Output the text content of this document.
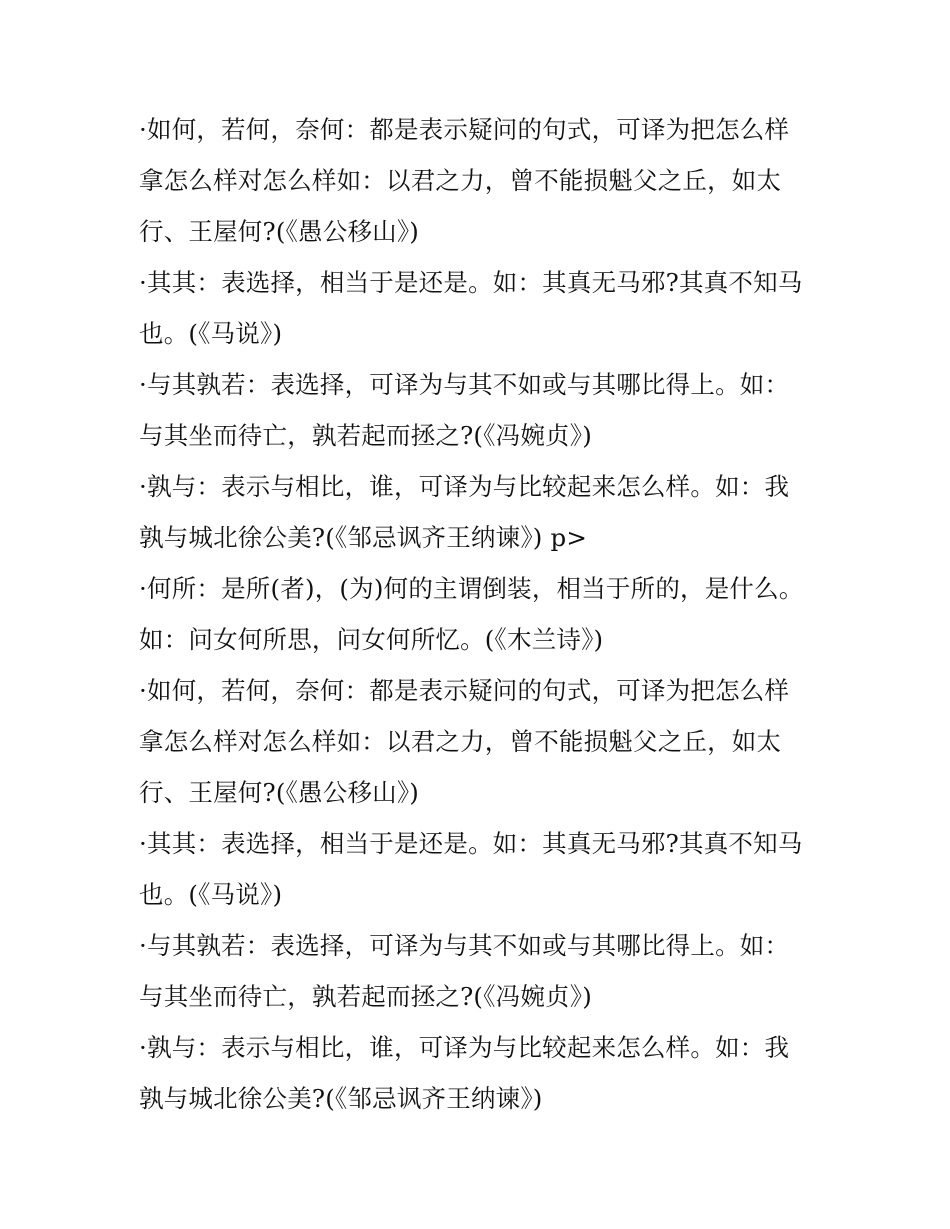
·如何，若何，奈何：都是表示疑问的句式，可译为把怎么样
拿怎么样对怎么样如：以君之力，曾不能损魁父之丘，如太
行、王屋何?(《愚公移山》)
·其其：表选择，相当于是还是。如：其真无马邪?其真不知马
也。(《马说》)
·与其孰若：表选择，可译为与其不如或与其哪比得上。如：
与其坐而待亡，孰若起而拯之?(《冯婉贞》)
·孰与：表示与相比，谁，可译为与比较起来怎么样。如：我
孰与城北徐公美?(《邹忌讽齐王纳谏》) p>
·何所：是所(者)，(为)何的主谓倒装，相当于所的，是什么。
如：问女何所思，问女何所忆。(《木兰诗》)
·如何，若何，奈何：都是表示疑问的句式，可译为把怎么样
拿怎么样对怎么样如：以君之力，曾不能损魁父之丘，如太
行、王屋何?(《愚公移山》)
·其其：表选择，相当于是还是。如：其真无马邪?其真不知马
也。(《马说》)
·与其孰若：表选择，可译为与其不如或与其哪比得上。如：
与其坐而待亡，孰若起而拯之?(《冯婉贞》)
·孰与：表示与相比，谁，可译为与比较起来怎么样。如：我
孰与城北徐公美?(《邹忌讽齐王纳谏》)
